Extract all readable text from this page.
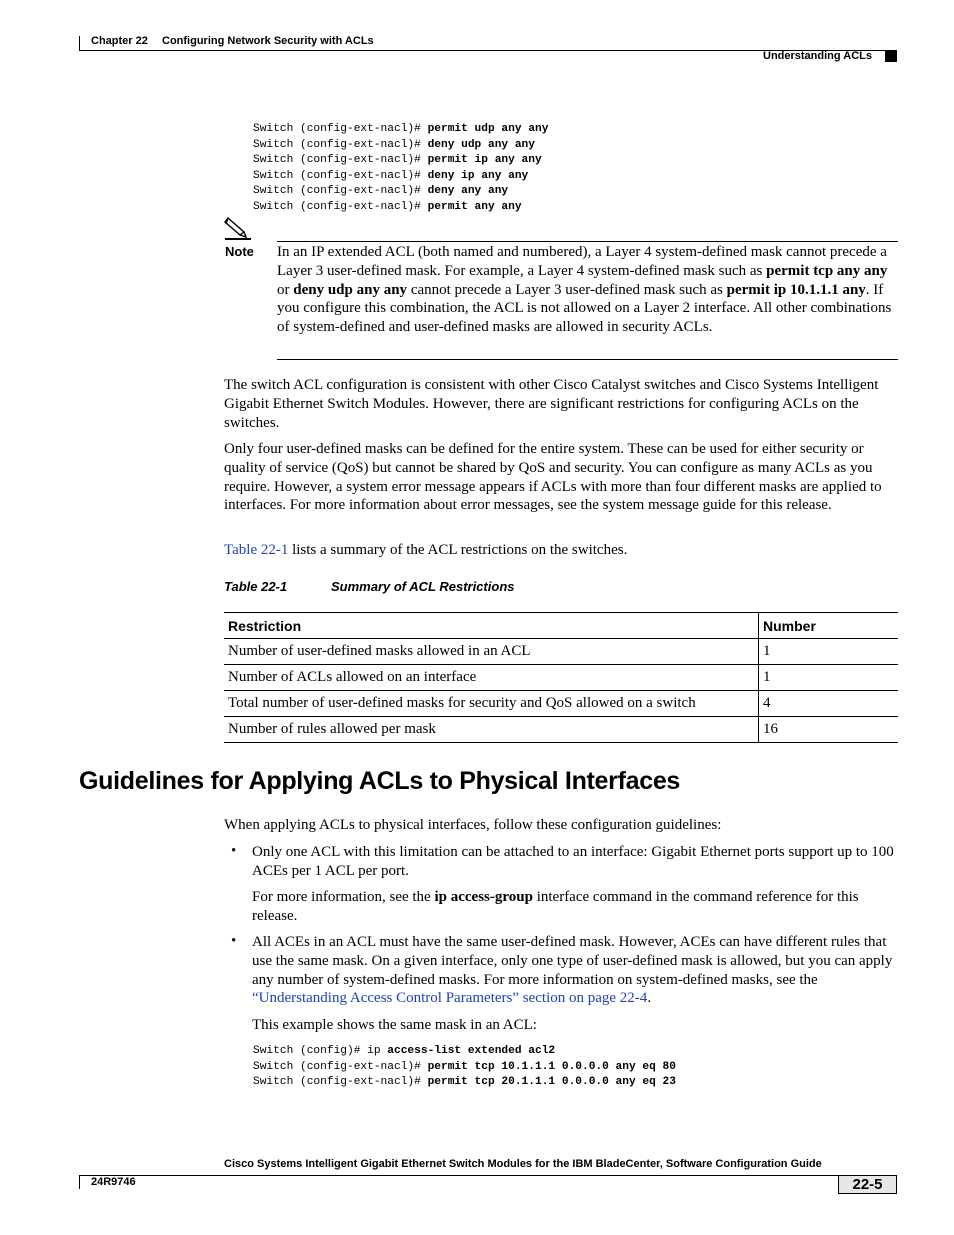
Chapter 22 Configuring Network Security with ACLs
Understanding ACLs
Switch (config-ext-nacl)# permit udp any any
Switch (config-ext-nacl)# deny udp any any
Switch (config-ext-nacl)# permit ip any any
Switch (config-ext-nacl)# deny ip any any
Switch (config-ext-nacl)# deny any any
Switch (config-ext-nacl)# permit any any
Note In an IP extended ACL (both named and numbered), a Layer 4 system-defined mask cannot precede a Layer 3 user-defined mask. For example, a Layer 4 system-defined mask such as permit tcp any any or deny udp any any cannot precede a Layer 3 user-defined mask such as permit ip 10.1.1.1 any. If you configure this combination, the ACL is not allowed on a Layer 2 interface. All other combinations of system-defined and user-defined masks are allowed in security ACLs.
The switch ACL configuration is consistent with other Cisco Catalyst switches and Cisco Systems Intelligent Gigabit Ethernet Switch Modules. However, there are significant restrictions for configuring ACLs on the switches.
Only four user-defined masks can be defined for the entire system. These can be used for either security or quality of service (QoS) but cannot be shared by QoS and security. You can configure as many ACLs as you require. However, a system error message appears if ACLs with more than four different masks are applied to interfaces. For more information about error messages, see the system message guide for this release.
Table 22-1 lists a summary of the ACL restrictions on the switches.
Table 22-1	Summary of ACL Restrictions
Restriction	Number
Number of user-defined masks allowed in an ACL	1
Number of ACLs allowed on an interface	1
Total number of user-defined masks for security and QoS allowed on a switch	4
Number of rules allowed per mask	16
Guidelines for Applying ACLs to Physical Interfaces
When applying ACLs to physical interfaces, follow these configuration guidelines:
• Only one ACL with this limitation can be attached to an interface: Gigabit Ethernet ports support up to 100 ACEs per 1 ACL per port.
For more information, see the ip access-group interface command in the command reference for this release.
• All ACEs in an ACL must have the same user-defined mask. However, ACEs can have different rules that use the same mask. On a given interface, only one type of user-defined mask is allowed, but you can apply any number of system-defined masks. For more information on system-defined masks, see the “Understanding Access Control Parameters” section on page 22-4.
This example shows the same mask in an ACL:
Switch (config)# ip access-list extended acl2
Switch (config-ext-nacl)# permit tcp 10.1.1.1 0.0.0.0 any eq 80
Switch (config-ext-nacl)# permit tcp 20.1.1.1 0.0.0.0 any eq 23
Cisco Systems Intelligent Gigabit Ethernet Switch Modules for the IBM BladeCenter, Software Configuration Guide
24R9746	22-5
